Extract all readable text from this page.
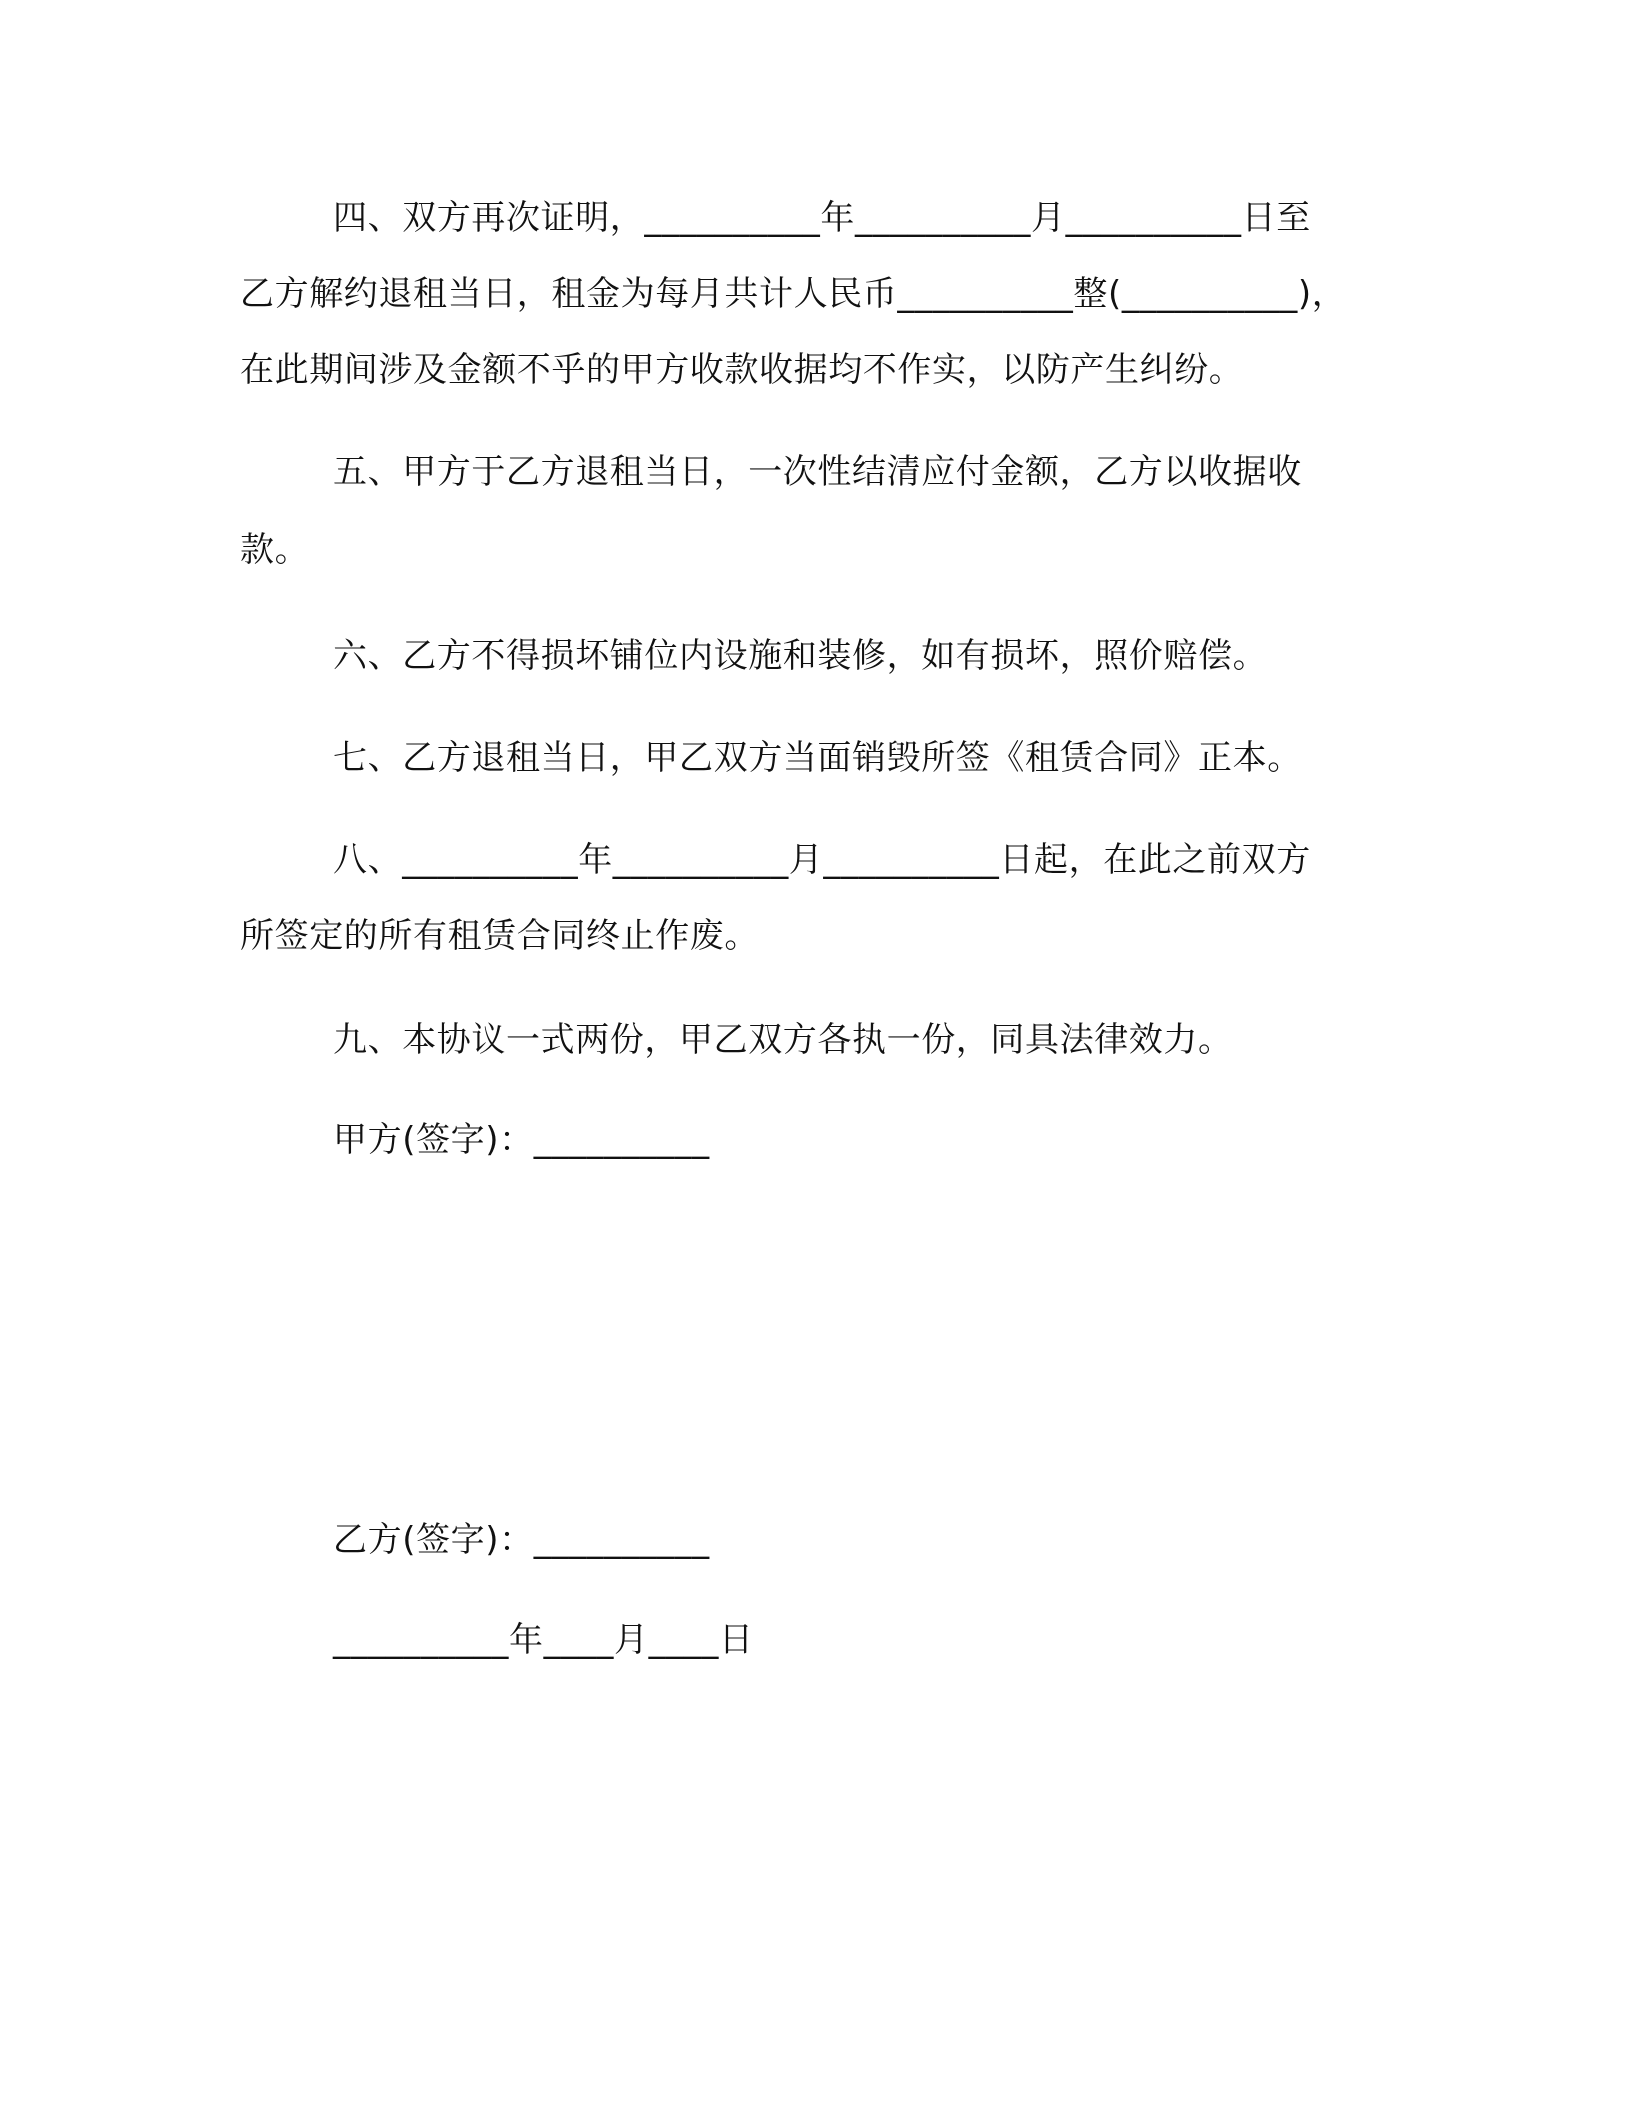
四、双方再次证明，__________年__________月__________日至
乙方解约退租当日，租金为每月共计人民币__________整(__________)，
在此期间涉及金额不乎的甲方收款收据均不作实，以防产生纠纷。
五、甲方于乙方退租当日，一次性结清应付金额，乙方以收据收
款。
六、乙方不得损坏铺位内设施和装修，如有损坏，照价赔偿。
七、乙方退租当日，甲乙双方当面销毁所签《租赁合同》正本。
八、__________年__________月__________日起，在此之前双方
所签定的所有租赁合同终止作废。
九、本协议一式两份，甲乙双方各执一份，同具法律效力。
甲方(签字)：__________
乙方(签字)：__________
__________年____月____日
